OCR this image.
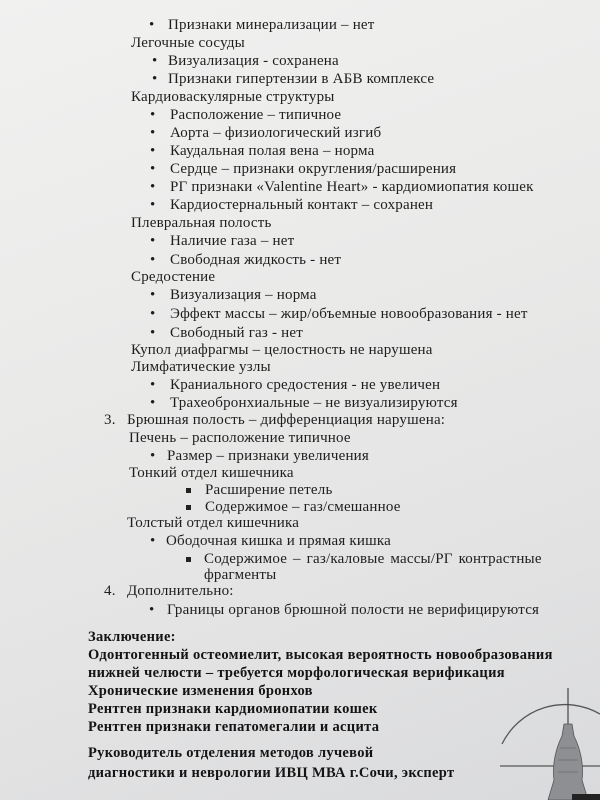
• Признаки минерализации – нет
Легочные сосуды
• Визуализация - сохранена
• Признаки гипертензии в АБВ комплексе
Кардиоваскулярные структуры
• Расположение – типичное
• Аорта – физиологический изгиб
• Каудальная полая вена – норма
• Сердце – признаки округления/расширения
• РГ признаки «Valentine Heart» - кардиомиопатия кошек
• Кардиостернальный контакт – сохранен
Плевральная полость
• Наличие газа – нет
• Свободная жидкость - нет
Средостение
• Визуализация – норма
• Эффект массы – жир/объемные новообразования - нет
• Свободный газ - нет
Купол диафрагмы – целостность не нарушена
Лимфатические узлы
• Краниального средостения - не увеличен
• Трахеобронхиальные – не визуализируются
3. Брюшная полость – дифференциация нарушена:
Печень – расположение типичное
• Размер – признаки увеличения
Тонкий отдел кишечника
Расширение петель
Содержимое – газ/смешанное
Толстый отдел кишечника
• Ободочная кишка и прямая кишка
Содержимое – газ/каловые массы/РГ контрастные
фрагменты
4. Дополнительно:
• Границы органов брюшной полости не верифицируются
Заключение:
Одонтогенный остеомиелит, высокая вероятность новообразования
нижней челюсти – требуется морфологическая верификация
Хронические изменения бронхов
Рентген признаки кардиомиопатии кошек
Рентген признаки гепатомегалии и асцита
Руководитель отделения методов лучевой
диагностики и неврологии ИВЦ МВА г.Сочи, эксперт
